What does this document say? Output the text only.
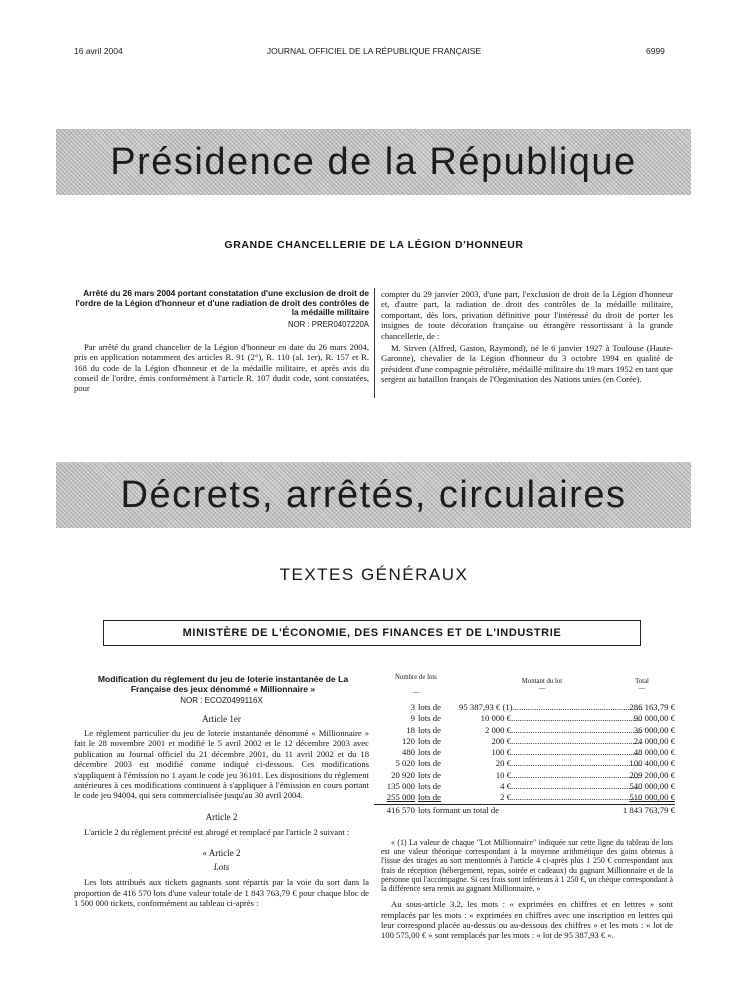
16 avril 2004	JOURNAL OFFICIEL DE LA RÉPUBLIQUE FRANÇAISE	6999
Présidence de la République
GRANDE CHANCELLERIE DE LA LÉGION D'HONNEUR

Arrêté du 26 mars 2004 portant constatation d'une exclusion de droit de l'ordre de la Légion d'honneur et d'une radiation de droit des contrôles de la médaille militaire

NOR : PRER0407220A

Par arrêté du grand chancelier de la Légion d'honneur en date du 26 mars 2004, pris en application notamment des articles R. 91 (2°), R. 110 (al. 1er), R. 157 et R. 168 du code de la Légion d'honneur et de la médaille militaire, et après avis du conseil de l'ordre, émis conformément à l'article R. 107 dudit code, sont constatées, pour

compter du 29 janvier 2003, d'une part, l'exclusion de droit de la Légion d'honneur et, d'autre part, la radiation de droit des contrôles de la médaille militaire, comportant, dès lors, privation définitive pour l'intéressé du droit de porter les insignes de toute décoration française ou étrangère ressortissant à la grande chancellerie, de :

M. Sirven (Alfred, Gaston, Raymond), né le 6 janvier 1927 à Toulouse (Haute-Garonne), chevalier de la Légion d'honneur du 3 octobre 1994 en qualité de président d'une compagnie pétrolière, médaillé militaire du 19 mars 1952 en tant que sergent au bataillon français de l'Organisation des Nations unies (en Corée).

Décrets, arrêtés, circulaires
TEXTES GÉNÉRAUX
MINISTÈRE DE L'ÉCONOMIE, DES FINANCES ET DE L'INDUSTRIE

Modification du règlement du jeu de loterie instantanée de La Française des jeux dénommé « Millionnaire »

NOR : ECOZ0499116X

Article 1er

Le règlement particulier du jeu de loterie instantanée dénommé « Millionnaire » fait le 28 novembre 2001 et modifié le 5 avril 2002 et le 12 décembre 2003 avec publication au Journal officiel du 21 décembre 2001, du 11 avril 2002 et du 18 décembre 2003 est modifié comme indiqué ci-dessous. Ces modifications s'appliquent à l'émission no 1 ayant le code jeu 36101. Les dispositions du règlement antérieures à ces modifications continuent à s'appliquer à l'émission en cours portant le code jeu 94004, qui sera commercialisée jusqu'au 30 avril 2004.

Article 2

L'article 2 du règlement précité est abrogé et remplacé par l'article 2 suivant :

« Article 2

Lots

Les lots attribués aux tickets gagnants sont répartis par la voie du sort dans la proportion de 416 570 lots d'une valeur totale de 1 843 763,79 € pour chaque bloc de 1 500 000 tickets, conformément au tableau ci-après :

Nombre de lots
—
Montant du lot
—
Total
—
3	lots de	95 387,93 € (1)............................................................	286 163,79 €
9	lots de	10 000 €............................................................	90 000,00 €
18	lots de	2 000 €............................................................	36 000,00 €
120	lots de	200 €............................................................	24 000,00 €
480	lots de	100 €............................................................	48 000,00 €
5 020	lots de	20 €............................................................	100 400,00 €
20 920	lots de	10 €............................................................	209 200,00 €
135 000	lots de	4 €............................................................	540 000,00 €
255 000	lots de	2 €............................................................	510 000,00 €
416 570	lots formant un total de		1 843 763,79 €

« (1) La valeur de chaque "Lot Millionnaire" indiquée sur cette ligne du tableau de lots est une valeur théorique correspondant à la moyenne arithmétique des gains obtenus à l'issue des tirages au sort mentionnés à l'article 4 ci-après plus 1 250 € correspondant aux frais de réception (hébergement, repas, soirée et cadeaux) du gagnant Millionnaire et de la personne qui l'accompagne. Si ces frais sont inférieurs à 1 250 €, un chèque correspondant à la différence sera remis au gagnant Millionnaire. »

Au sous-article 3.2, les mots : « exprimées en chiffres et en lettres » sont remplacés par les mots : « exprimées en chiffres avec une inscription en lettres qui leur correspond placée au-dessus ou au-dessous des chiffres » et les mots : « lot de 100 575,00 € » sont remplacés par les mots : « lot de 95 387,93 € ».
